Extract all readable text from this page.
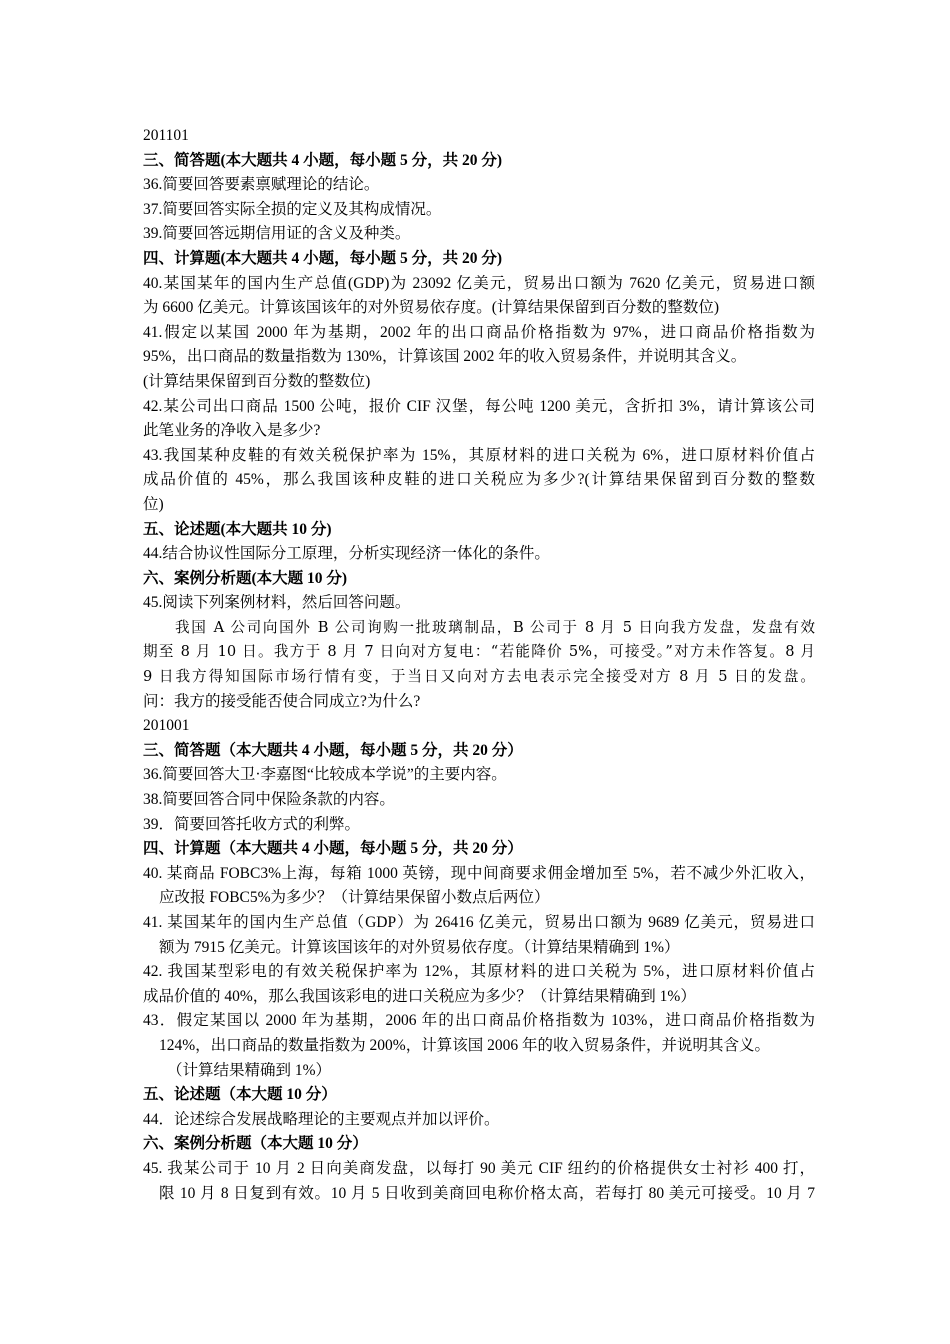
201101
三、简答题(本大题共 4 小题，每小题 5 分，共 20 分)
36.简要回答要素禀赋理论的结论。
37.简要回答实际全损的定义及其构成情况。
39.简要回答远期信用证的含义及种类。
四、计算题(本大题共 4 小题，每小题 5 分，共 20 分)
40.某国某年的国内生产总值(GDP)为 23092 亿美元，贸易出口额为 7620 亿美元，贸易进口额
为 6600 亿美元。计算该国该年的对外贸易依存度。(计算结果保留到百分数的整数位)
41.假定以某国 2000 年为基期，2002 年的出口商品价格指数为 97%，进口商品价格指数为
95%，出口商品的数量指数为 130%，计算该国 2002 年的收入贸易条件，并说明其含义。
(计算结果保留到百分数的整数位)
42.某公司出口商品 1500 公吨，报价 CIF 汉堡，每公吨 1200 美元，含折扣 3%，请计算该公司
此笔业务的净收入是多少?
43.我国某种皮鞋的有效关税保护率为 15%，其原材料的进口关税为 6%，进口原材料价值占
成品价值的 45%，那么我国该种皮鞋的进口关税应为多少?(计算结果保留到百分数的整数
位)
五、论述题(本大题共 10 分)
44.结合协议性国际分工原理，分析实现经济一体化的条件。
六、案例分析题(本大题 10 分)
45.阅读下列案例材料，然后回答问题。
我国 A 公司向国外 B 公司询购一批玻璃制品，B 公司于 8 月 5 日向我方发盘，发盘有效
期至 8 月 10 日。我方于 8 月 7 日向对方复电：“若能降价 5%，可接受。”对方未作答复。8 月
9 日我方得知国际市场行情有变，于当日又向对方去电表示完全接受对方 8 月 5 日的发盘。
问：我方的接受能否使合同成立?为什么?
201001
三、简答题（本大题共 4 小题，每小题 5 分，共 20 分）
36.简要回答大卫·李嘉图“比较成本学说”的主要内容。
38.简要回答合同中保险条款的内容。
39．简要回答托收方式的利弊。
四、计算题（本大题共 4 小题，每小题 5 分，共 20 分）
40. 某商品 FOBC3%上海，每箱 1000 英镑，现中间商要求佣金增加至 5%，若不减少外汇收入，
应改报 FOBC5%为多少？（计算结果保留小数点后两位）
41. 某国某年的国内生产总值（GDP）为 26416 亿美元，贸易出口额为 9689 亿美元，贸易进口
额为 7915 亿美元。计算该国该年的对外贸易依存度。（计算结果精确到 1%）
42. 我国某型彩电的有效关税保护率为 12%，其原材料的进口关税为 5%，进口原材料价值占
成品价值的 40%，那么我国该彩电的进口关税应为多少？（计算结果精确到 1%）
43．假定某国以 2000 年为基期，2006 年的出口商品价格指数为 103%，进口商品价格指数为
124%，出口商品的数量指数为 200%，计算该国 2006 年的收入贸易条件，并说明其含义。
（计算结果精确到 1%）
五、论述题（本大题 10 分）
44．论述综合发展战略理论的主要观点并加以评价。
六、案例分析题（本大题 10 分）
45. 我某公司于 10 月 2 日向美商发盘，以每打 90 美元 CIF 纽约的价格提供女士衬衫 400 打，
限 10 月 8 日复到有效。10 月 5 日收到美商回电称价格太高，若每打 80 美元可接受。10 月 7
